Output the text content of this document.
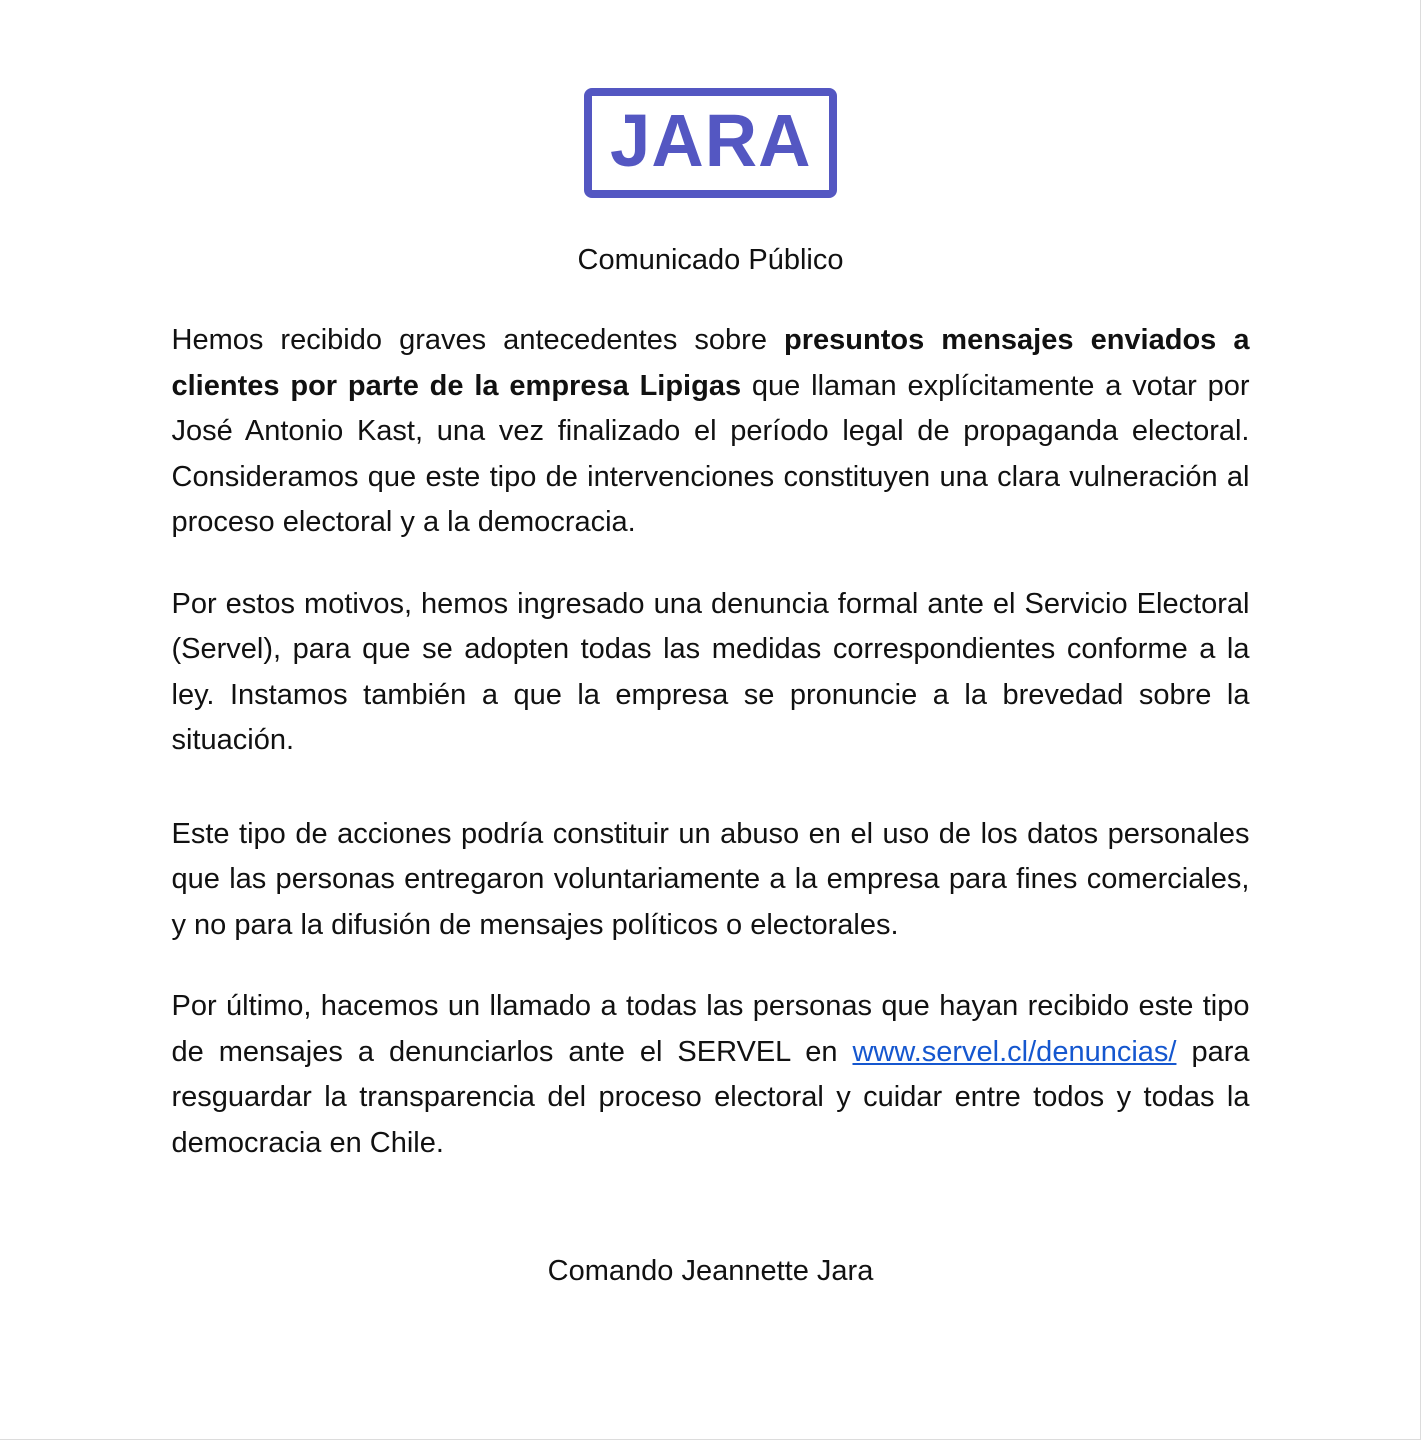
JARA
Comunicado Público

Hemos recibido graves antecedentes sobre presuntos mensajes enviados a clientes por parte de la empresa Lipigas que llaman explícitamente a votar por José Antonio Kast, una vez finalizado el período legal de propaganda electoral. Consideramos que este tipo de intervenciones constituyen una clara vulneración al proceso electoral y a la democracia.

Por estos motivos, hemos ingresado una denuncia formal ante el Servicio Electoral (Servel), para que se adopten todas las medidas correspondientes conforme a la ley. Instamos también a que la empresa se pronuncie a la brevedad sobre la situación.

Este tipo de acciones podría constituir un abuso en el uso de los datos personales que las personas entregaron voluntariamente a la empresa para fines comerciales, y no para la difusión de mensajes políticos o electorales.

Por último, hacemos un llamado a todas las personas que hayan recibido este tipo de mensajes a denunciarlos ante el SERVEL en www.servel.cl/denuncias/ para resguardar la transparencia del proceso electoral y cuidar entre todos y todas la democracia en Chile.

Comando Jeannette Jara
